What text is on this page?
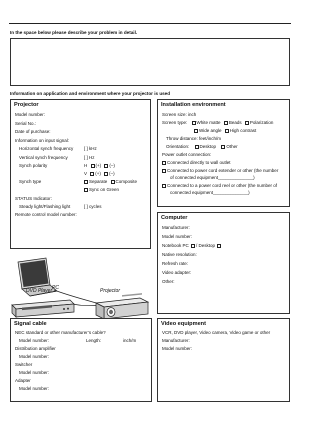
In the space below please describe your problem in detail.
Information on application and environment where your projector is used
Projector
Model number:
Serial No.:
Date of purchase:
Information on input signal:
Horizontal synch frequency [ ] kHz
Vertical synch frequency	[ ] Hz
Synch polarity	H (+) (–)
V (+) (–)
Synch type	Separate Composite
Sync on Green
STATUS Indicator:
Steady light/Flashing light	[ ] cycles
Remote control model number:
Installation environment
Screen size: inch
Screen type: White matte Beads Polarization
Wide angle High contrast
Throw distance: feet/inch/m
Orientation: Desktop Other
Power outlet connection:
Connected directly to wall outlet
Connected to power cord extender or other (the number
of connected equipment______________)
Connected to a power cord reel or other (the number of
connected equipment______________)
Computer
Manufacturer:
Model number:
Notebook PC / Desktop
Native resolution:
Refresh rate:
Video adapter:
Other:
PC
DVD Player	Projector
Signal cable
NEC standard or other manufacturer’s cable?
Model number:	Length:	inch/m
Distribution amplifier
Model number:
Switcher
Model number:
Adapter
Model number:
Video equipment
VCR, DVD player, Video camera, Video game or other
Manufacturer:
Model number:
